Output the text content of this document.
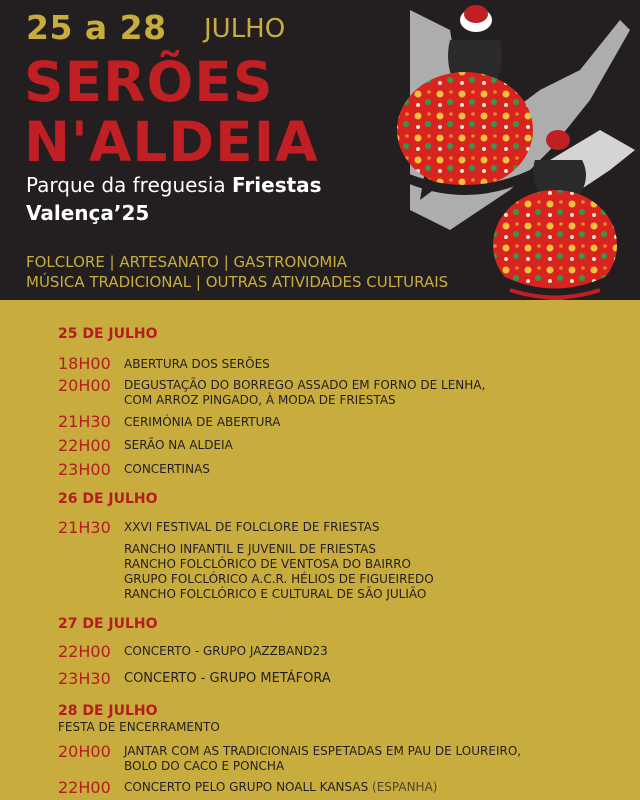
25 a 28 JULHO
SERÕES
N'ALDEIA
Parque da freguesia Friestas
Valença’25
FOLCLORE | ARTESANATO | GASTRONOMIA
MÚSICA TRADICIONAL | OUTRAS ATIVIDADES CULTURAIS
25 DE JULHO
18H00 ABERTURA DOS SERÕES
20H00 DEGUSTAÇÃO DO BORREGO ASSADO EM FORNO DE LENHA,
COM ARROZ PINGADO, À MODA DE FRIESTAS
21H30 CERIMÓNIA DE ABERTURA
22H00 SERÃO NA ALDEIA
23H00 CONCERTINAS
26 DE JULHO
21H30 XXVI FESTIVAL DE FOLCLORE DE FRIESTAS
RANCHO INFANTIL E JUVENIL DE FRIESTAS
RANCHO FOLCLÓRICO DE VENTOSA DO BAIRRO
GRUPO FOLCLÓRICO A.C.R. HÉLIOS DE FIGUEIREDO
RANCHO FOLCLÓRICO E CULTURAL DE SÃO JULIÃO
27 DE JULHO
22H00 CONCERTO - GRUPO JAZZBAND23
23H30 CONCERTO - GRUPO METÁFORA
28 DE JULHO
FESTA DE ENCERRAMENTO
20H00 JANTAR COM AS TRADICIONAIS ESPETADAS EM PAU DE LOUREIRO,
BOLO DO CACO E PONCHA
22H00 CONCERTO PELO GRUPO NOALL KANSAS (ESPANHA)
